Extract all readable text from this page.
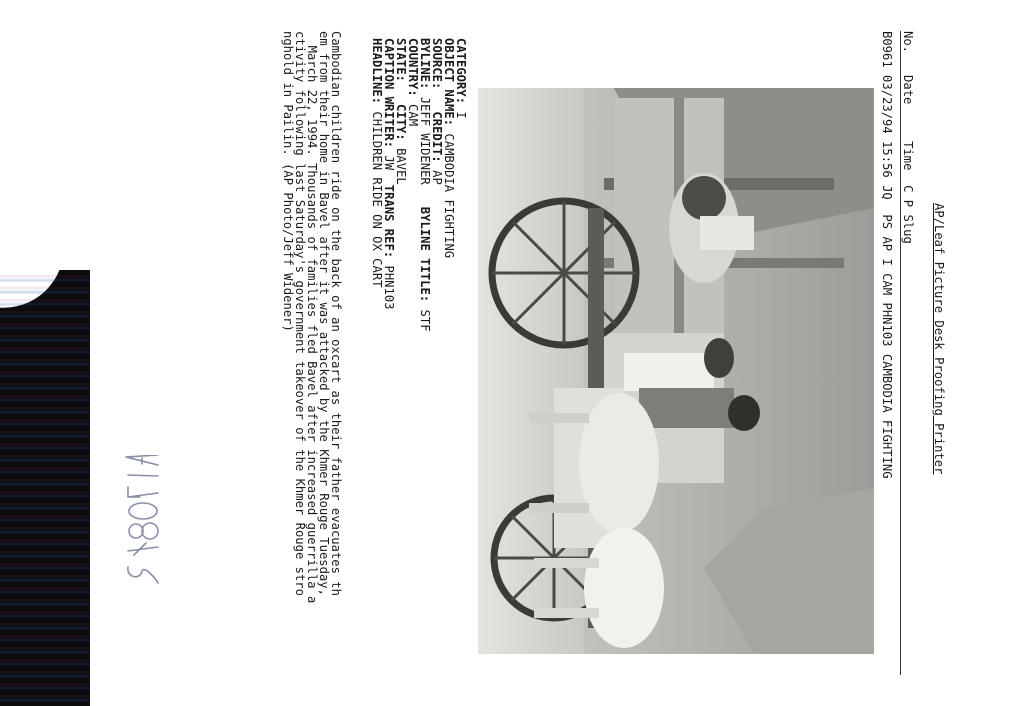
AP/Leaf Picture Desk Proofing Printer
No.   Date     Time  C P Slug
B0961 03/23/94 15:56 JQ  PS AP I CAM PHN103 CAMBODIA FIGHTING
CATEGORY: I
OBJECT NAME: CAMBODIA FIGHTING
SOURCE:   CREDIT: AP
BYLINE: JEFF WIDENER   BYLINE TITLE: STF
COUNTRY: CAM
STATE:   CITY: BAVEL
CAPTION WRITER: JW  TRANS REF: PHN103
HEADLINE: CHILDREN RIDE ON OX CART
Cambodian children ride on the back of an oxcart as their father evacuates th
em from their home in Bavel after it was attacked by the Khmer Rouge Tuesday,
March 22, 1994. Thousands of families fled Bavel after increased guerrilla a
ctivity following last Saturday's government takeover of the Khmer Rouge stro
nghold in Pailin. (AP Photo/Jeff Widener)
